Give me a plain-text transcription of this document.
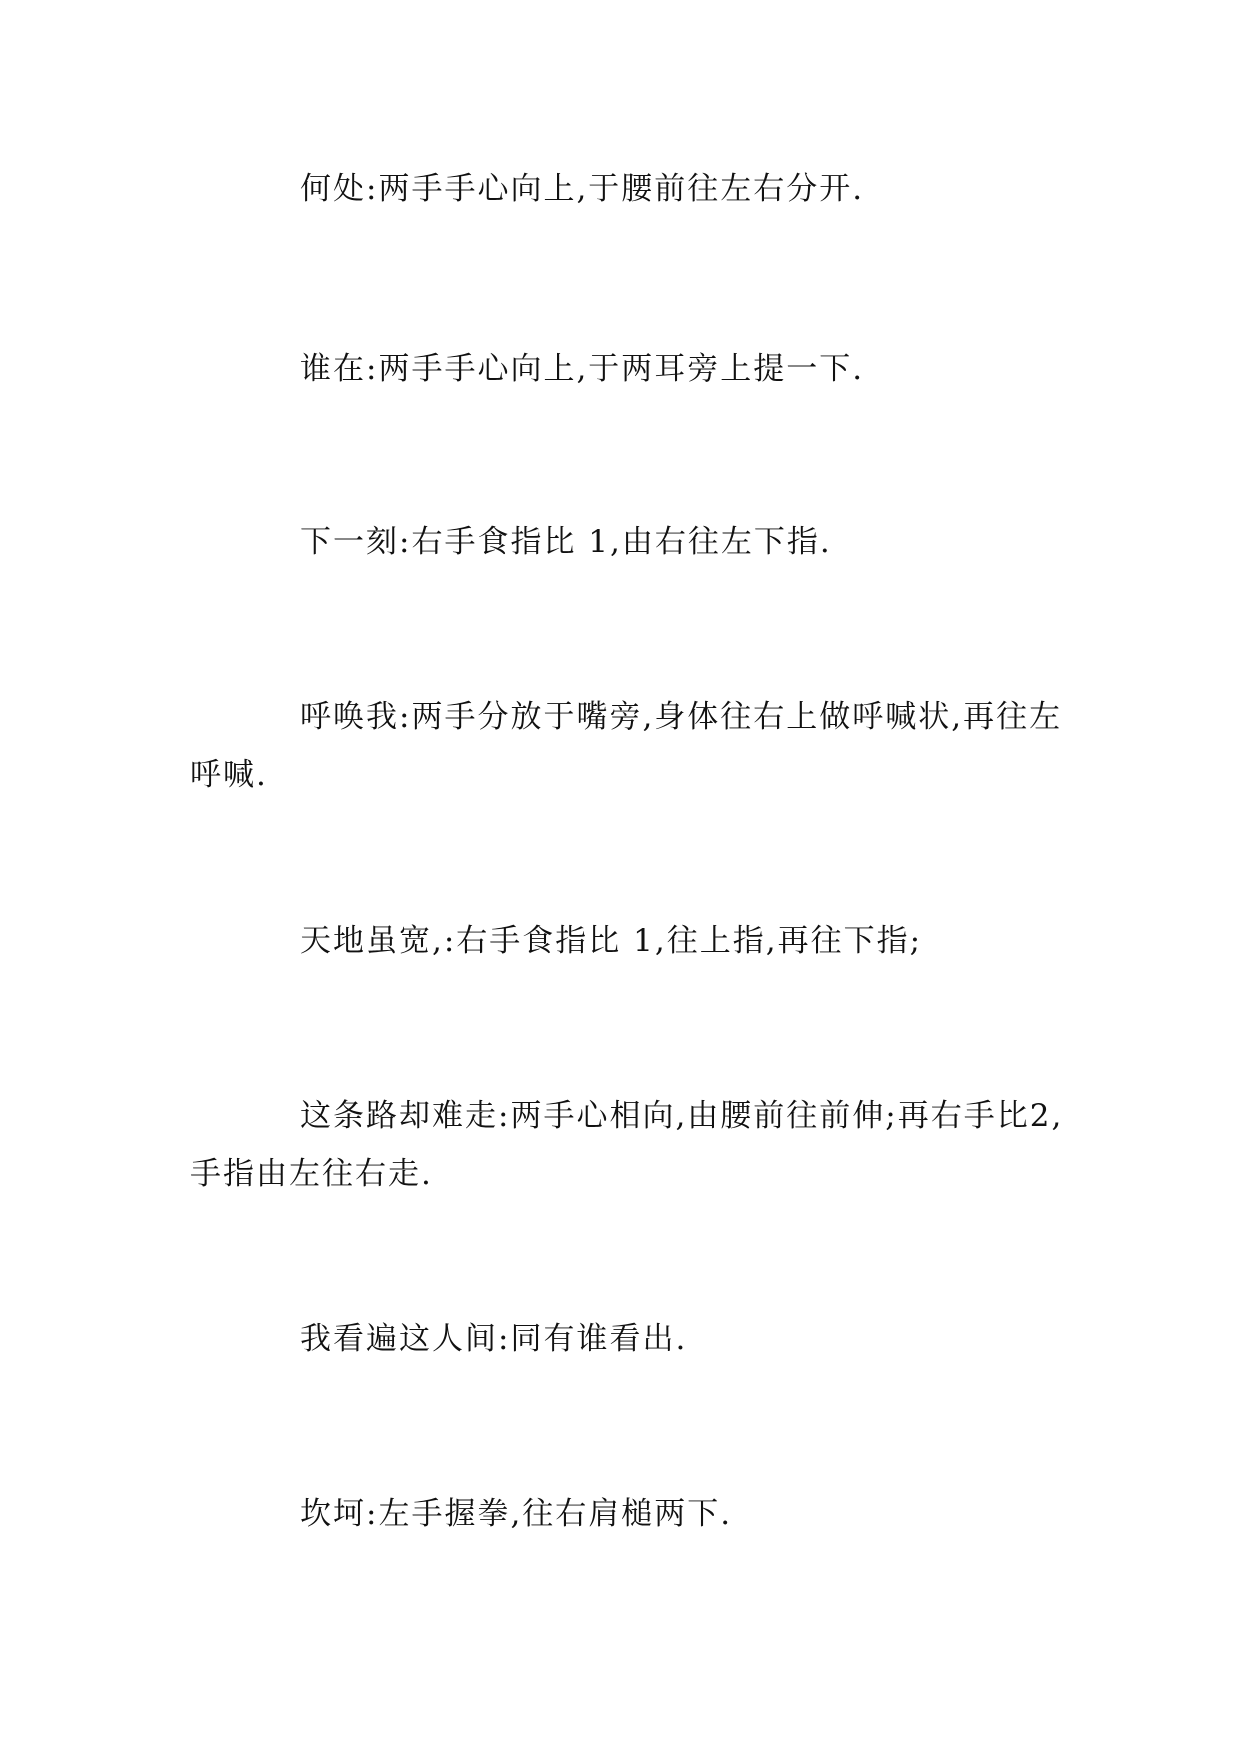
何处:两手手心向上,于腰前往左右分开.

谁在:两手手心向上,于两耳旁上提一下.

下一刻:右手食指比 1,由右往左下指.

呼唤我:两手分放于嘴旁,身体往右上做呼喊状,再往左呼喊.

天地虽宽,:右手食指比 1,往上指,再往下指;

这条路却难走:两手心相向,由腰前往前伸;再右手比2,手指由左往右走.

我看遍这人间:同有谁看出.

坎坷:左手握拳,往右肩槌两下.
